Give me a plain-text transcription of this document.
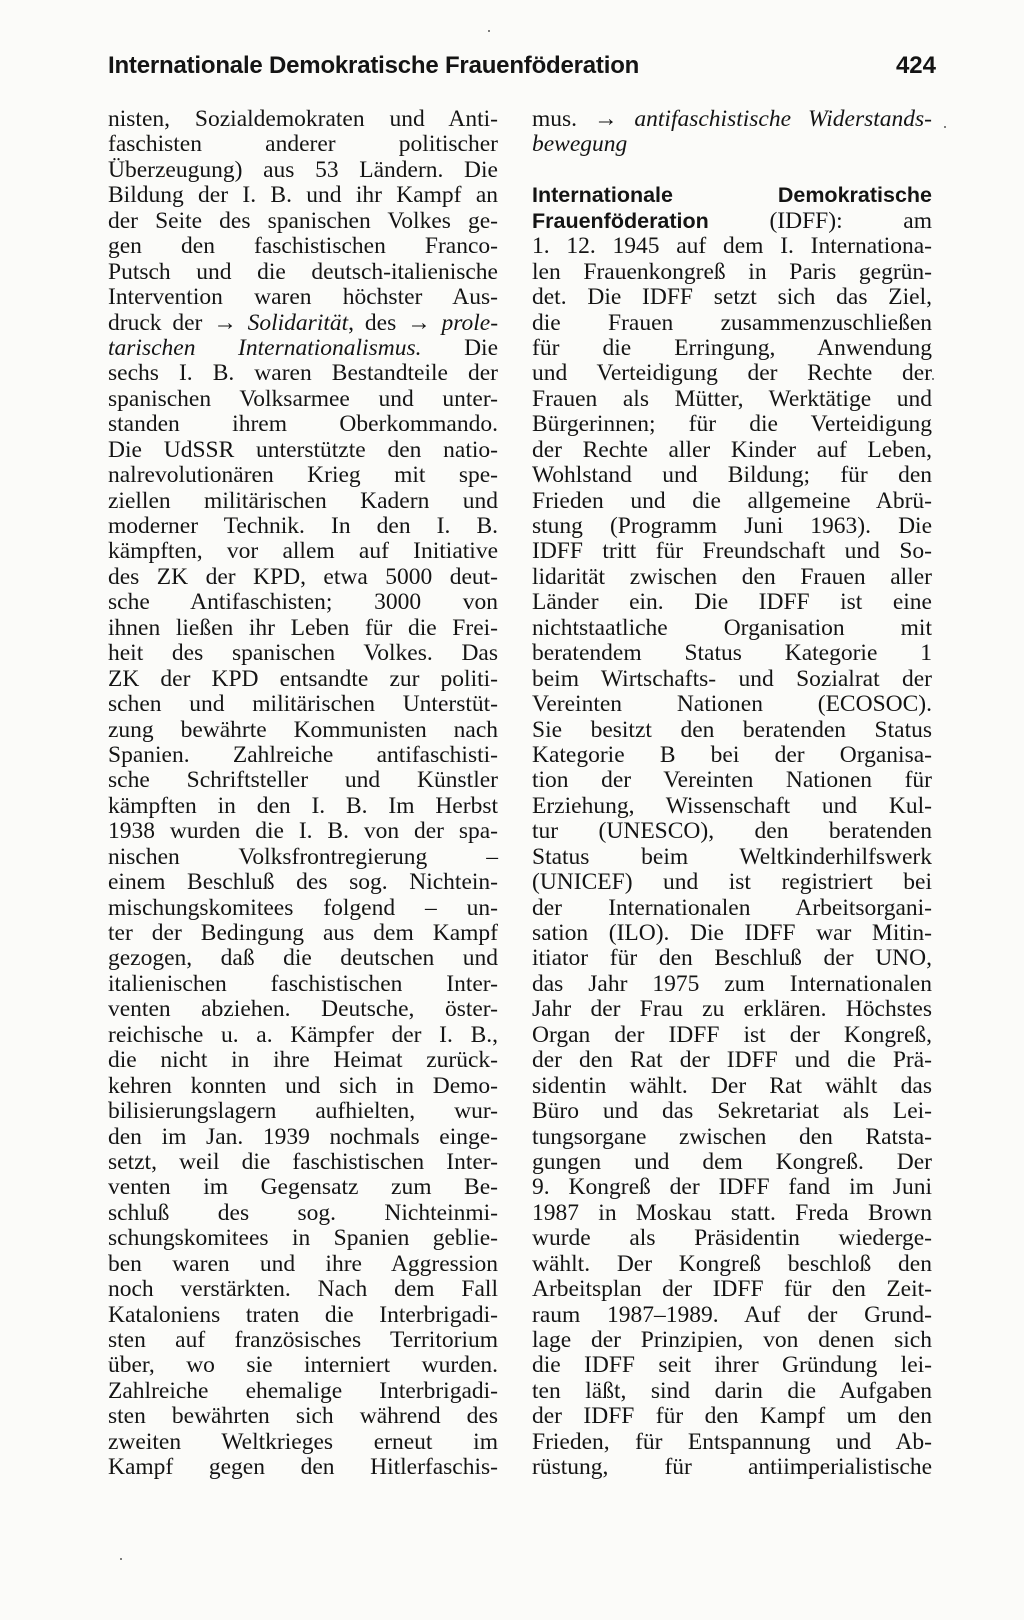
Internationale Demokratische Frauenföderation	424
nisten, Sozialdemokraten und Anti-
faschisten anderer politischer
Überzeugung) aus 53 Ländern. Die
Bildung der I. B. und ihr Kampf an
der Seite des spanischen Volkes ge-
gen den faschistischen Franco-
Putsch und die deutsch-italienische
Intervention waren höchster Aus-
druck der → Solidarität, des → prole-
tarischen Internationalismus. Die
sechs I. B. waren Bestandteile der
spanischen Volksarmee und unter-
standen ihrem Oberkommando.
Die UdSSR unterstützte den natio-
nalrevolutionären Krieg mit spe-
ziellen militärischen Kadern und
moderner Technik. In den I. B.
kämpften, vor allem auf Initiative
des ZK der KPD, etwa 5000 deut-
sche Antifaschisten; 3000 von
ihnen ließen ihr Leben für die Frei-
heit des spanischen Volkes. Das
ZK der KPD entsandte zur politi-
schen und militärischen Unterstüt-
zung bewährte Kommunisten nach
Spanien. Zahlreiche antifaschisti-
sche Schriftsteller und Künstler
kämpften in den I. B. Im Herbst
1938 wurden die I. B. von der spa-
nischen Volksfrontregierung –
einem Beschluß des sog. Nichtein-
mischungskomitees folgend – un-
ter der Bedingung aus dem Kampf
gezogen, daß die deutschen und
italienischen faschistischen Inter-
venten abziehen. Deutsche, öster-
reichische u. a. Kämpfer der I. B.,
die nicht in ihre Heimat zurück-
kehren konnten und sich in Demo-
bilisierungslagern aufhielten, wur-
den im Jan. 1939 nochmals einge-
setzt, weil die faschistischen Inter-
venten im Gegensatz zum Be-
schluß des sog. Nichteinmi-
schungskomitees in Spanien geblie-
ben waren und ihre Aggression
noch verstärkten. Nach dem Fall
Kataloniens traten die Interbrigadi-
sten auf französisches Territorium
über, wo sie interniert wurden.
Zahlreiche ehemalige Interbrigadi-
sten bewährten sich während des
zweiten Weltkrieges erneut im
Kampf gegen den Hitlerfaschis-
mus. → antifaschistische Widerstands-
bewegung
Internationale Demokratische
Frauenföderation (IDFF): am
1. 12. 1945 auf dem I. Internationa-
len Frauenkongreß in Paris gegrün-
det. Die IDFF setzt sich das Ziel,
die Frauen zusammenzuschließen
für die Erringung, Anwendung
und Verteidigung der Rechte der
Frauen als Mütter, Werktätige und
Bürgerinnen; für die Verteidigung
der Rechte aller Kinder auf Leben,
Wohlstand und Bildung; für den
Frieden und die allgemeine Abrü-
stung (Programm Juni 1963). Die
IDFF tritt für Freundschaft und So-
lidarität zwischen den Frauen aller
Länder ein. Die IDFF ist eine
nichtstaatliche Organisation mit
beratendem Status Kategorie 1
beim Wirtschafts- und Sozialrat der
Vereinten Nationen (ECOSOC).
Sie besitzt den beratenden Status
Kategorie B bei der Organisa-
tion der Vereinten Nationen für
Erziehung, Wissenschaft und Kul-
tur (UNESCO), den beratenden
Status beim Weltkinderhilfswerk
(UNICEF) und ist registriert bei
der Internationalen Arbeitsorgani-
sation (ILO). Die IDFF war Mitin-
itiator für den Beschluß der UNO,
das Jahr 1975 zum Internationalen
Jahr der Frau zu erklären. Höchstes
Organ der IDFF ist der Kongreß,
der den Rat der IDFF und die Prä-
sidentin wählt. Der Rat wählt das
Büro und das Sekretariat als Lei-
tungsorgane zwischen den Ratsta-
gungen und dem Kongreß. Der
9. Kongreß der IDFF fand im Juni
1987 in Moskau statt. Freda Brown
wurde als Präsidentin wiederge-
wählt. Der Kongreß beschloß den
Arbeitsplan der IDFF für den Zeit-
raum 1987–1989. Auf der Grund-
lage der Prinzipien, von denen sich
die IDFF seit ihrer Gründung lei-
ten läßt, sind darin die Aufgaben
der IDFF für den Kampf um den
Frieden, für Entspannung und Ab-
rüstung, für antiimperialistische
